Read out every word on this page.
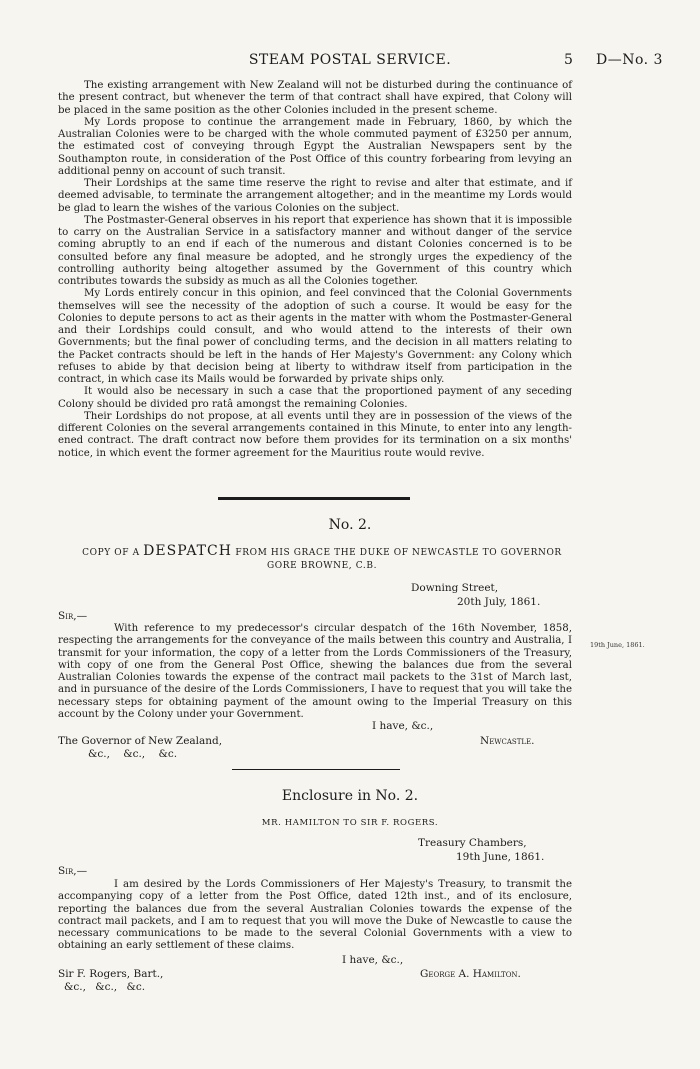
STEAM POSTAL SERVICE.	5 D—No. 3

The existing arrangement with New Zealand will not be disturbed during the continuance of the present contract, but whenever the term of that contract shall have expired, that Colony will be placed in the same position as the other Colonies included in the present scheme.

My Lords propose to continue the arrangement made in February, 1860, by which the Australian Colonies were to be charged with the whole commuted payment of £3250 per annum, the estimated cost of conveying through Egypt the Australian Newspapers sent by the Southampton route, in consideration of the Post Office of this country forbearing from levying an additional penny on account of such transit.

Their Lordships at the same time reserve the right to revise and alter that estimate, and if deemed advisable, to terminate the arrangement altogether; and in the meantime my Lords would be glad to learn the wishes of the various Colonies on the subject.

The Postmaster-General observes in his report that experience has shown that it is impossible to carry on the Australian Service in a satisfactory manner and without danger of the service coming abruptly to an end if each of the numerous and distant Colonies concerned is to be consulted before any final measure be adopted, and he strongly urges the expediency of the controlling authority being altogether assumed by the Government of this country which contributes towards the subsidy as much as all the Colonies together.

My Lords entirely concur in this opinion, and feel convinced that the Colonial Governments themselves will see the necessity of the adoption of such a course. It would be easy for the Colonies to depute persons to act as their agents in the matter with whom the Postmaster-General and their Lordships could consult, and who would attend to the interests of their own Governments; but the final power of concluding terms, and the decision in all matters relating to the Packet contracts should be left in the hands of Her Majesty's Government: any Colony which refuses to abide by that decision being at liberty to withdraw itself from participation in the contract, in which case its Mails would be forwarded by private ships only.

It would also be necessary in such a case that the proportioned payment of any seceding Colony should be divided pro ratâ amongst the remaining Colonies.

Their Lordships do not propose, at all events until they are in possession of the views of the different Colonies on the several arrangements contained in this Minute, to enter into any length-ened contract. The draft contract now before them provides for its termination on a six months' notice, in which event the former agreement for the Mauritius route would revive.

No. 2.
COPY OF A DESPATCH FROM HIS GRACE THE DUKE OF NEWCASTLE TO GOVERNOR GORE BROWNE, C.B.
Downing Street,
20th July, 1861.
Sir,—

With reference to my predecessor's circular despatch of the 16th November, 1858, respecting the arrangements for the conveyance of the mails between this country and Australia, I transmit for your information, the copy of a letter from the Lords Commissioners of the Treasury, with copy of one from the General Post Office, shewing the balances due from the several Australian Colonies towards the expense of the contract mail packets to the 31st of March last, and in pursuance of the desire of the Lords Commissioners, I have to request that you will take the necessary steps for obtaining payment of the amount owing to the Imperial Treasury on this account by the Colony under your Government.

19th June, 1861.
I have, &c.,
Newcastle.
The Governor of New Zealand,
&c., &c., &c.
Enclosure in No. 2.
MR. HAMILTON TO SIR F. ROGERS.
Treasury Chambers,
19th June, 1861.
Sir,—

I am desired by the Lords Commissioners of Her Majesty's Treasury, to transmit the accompanying copy of a letter from the Post Office, dated 12th inst., and of its enclosure, reporting the balances due from the several Australian Colonies towards the expense of the contract mail packets, and I am to request that you will move the Duke of Newcastle to cause the necessary communications to be made to the several Colonial Governments with a view to obtaining an early settlement of these claims.

I have, &c.,
George A. Hamilton.
Sir F. Rogers, Bart.,
&c., &c., &c.
